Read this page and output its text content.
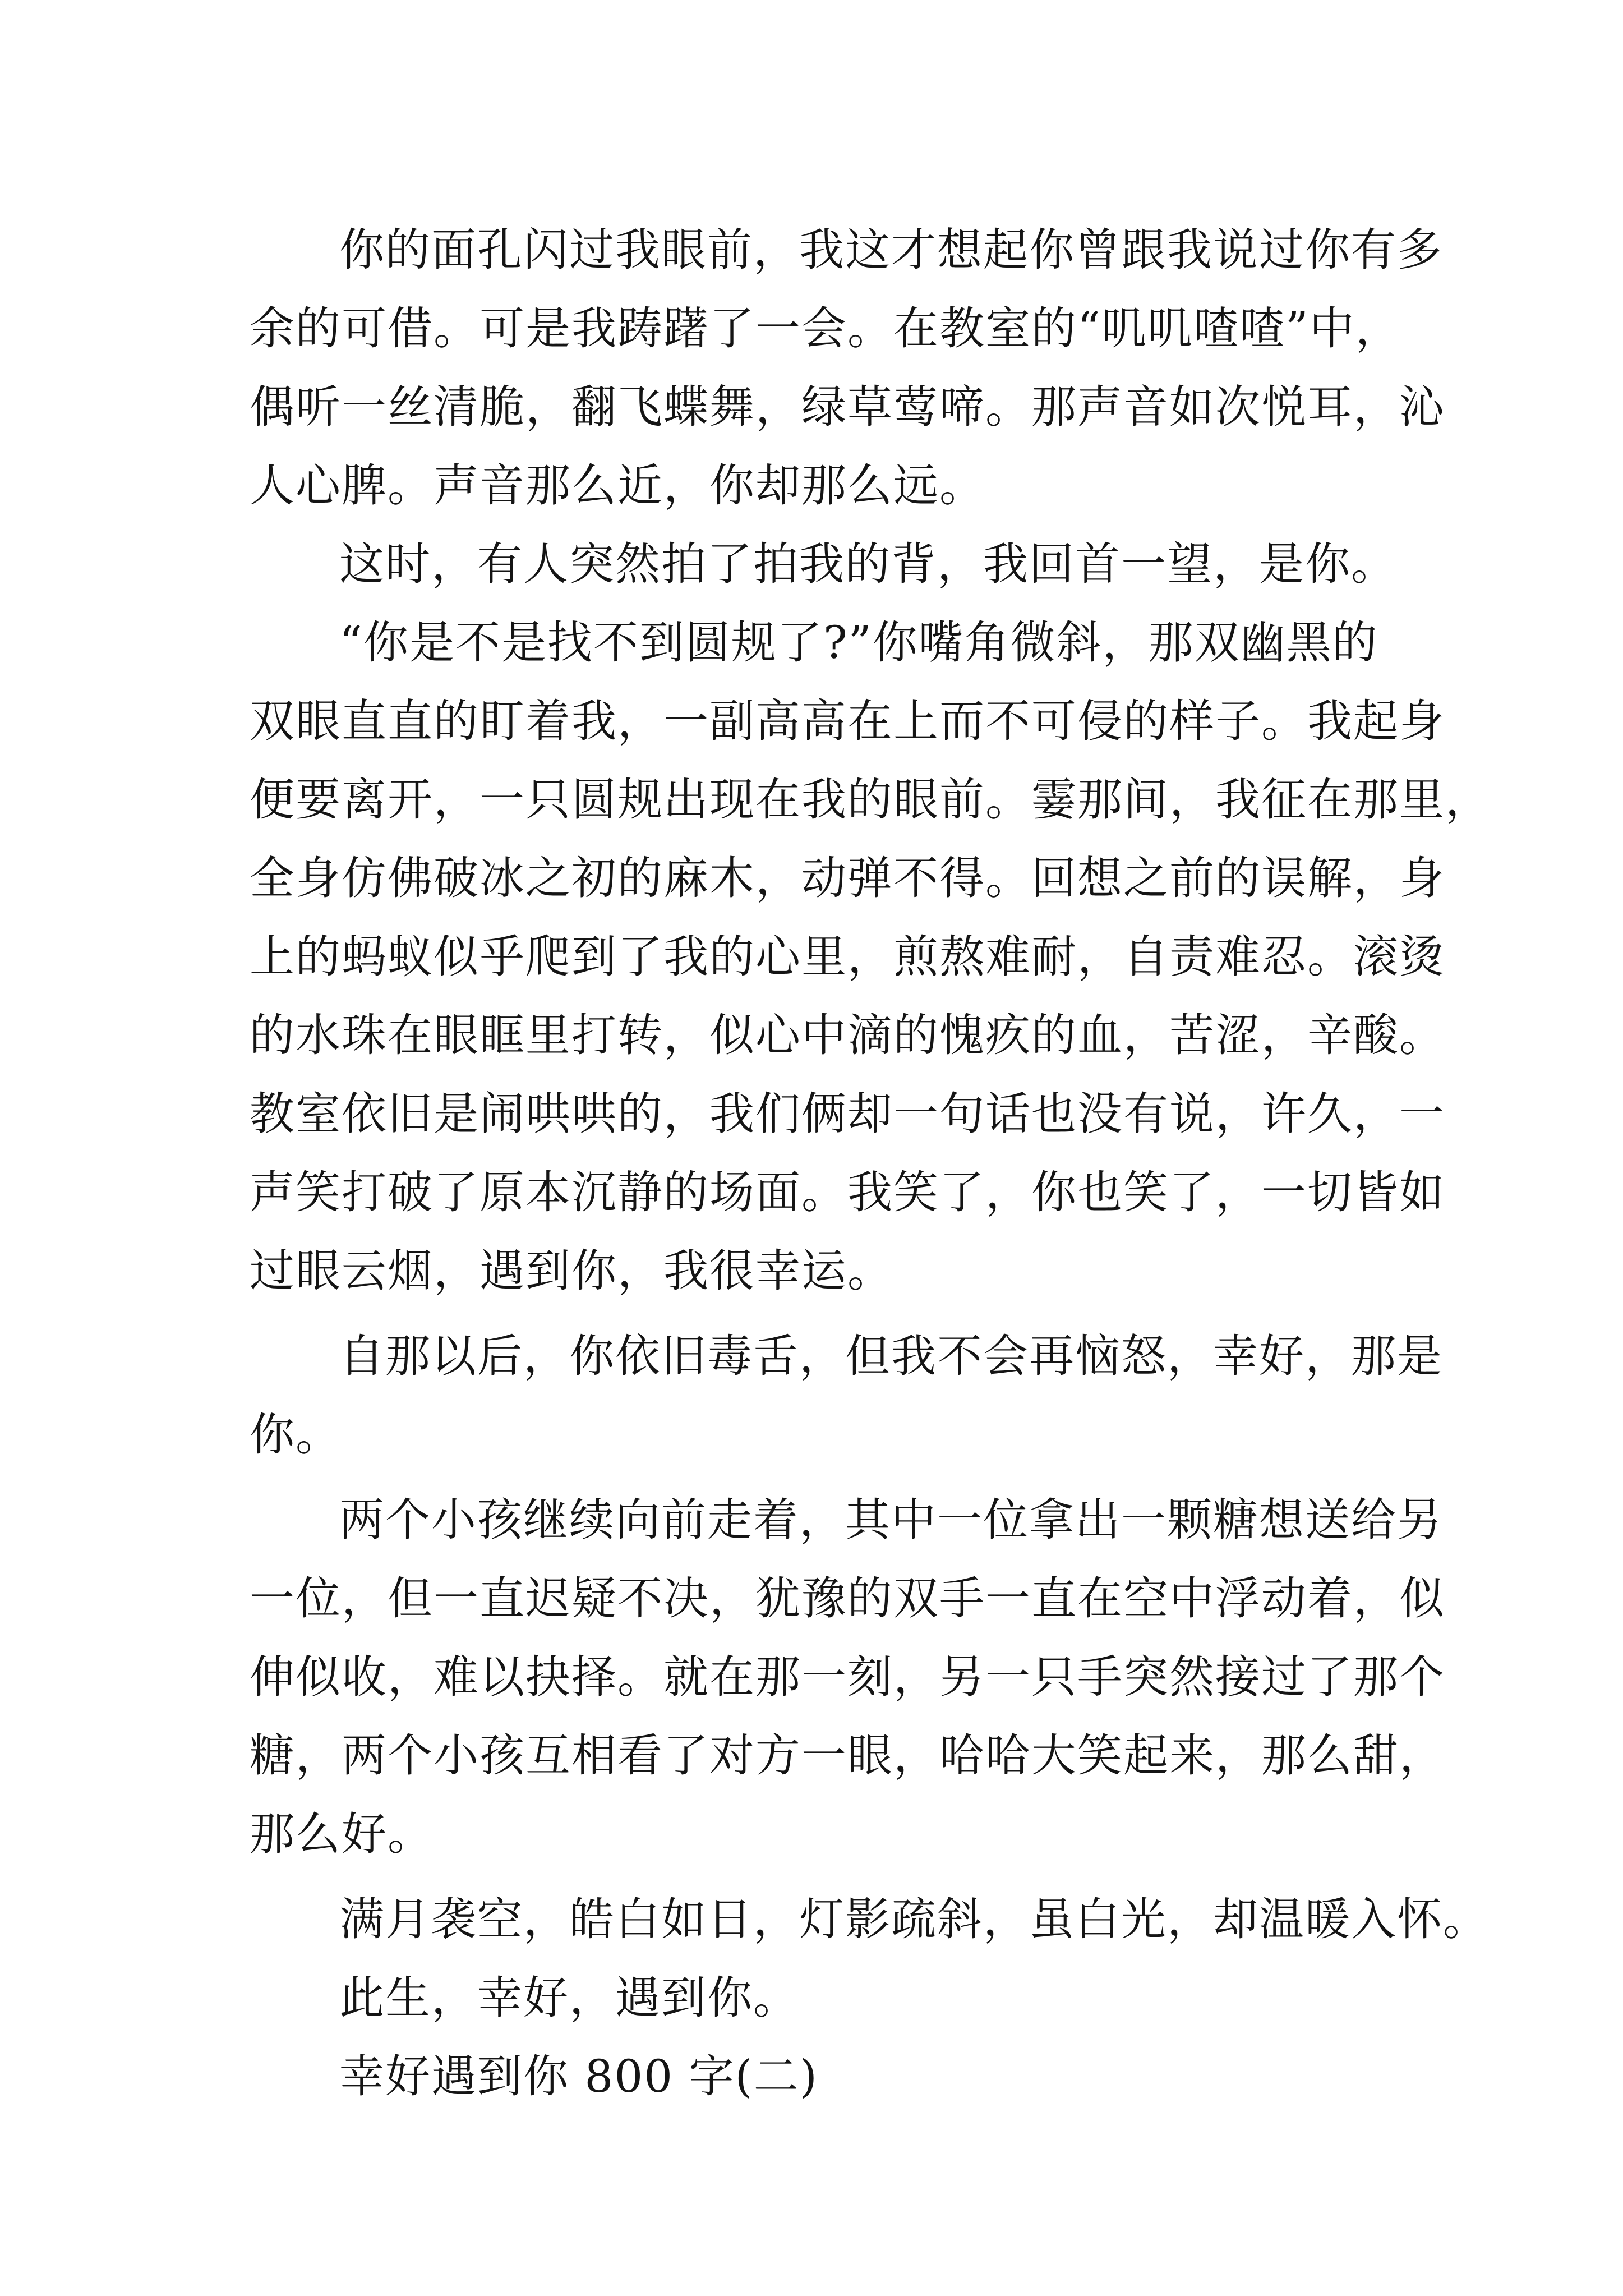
你的面孔闪过我眼前，我这才想起你曾跟我说过你有多
余的可借。可是我踌躇了一会。在教室的“叽叽喳喳”中，
偶听一丝清脆，翻飞蝶舞，绿草莺啼。那声音如次悦耳，沁
人心脾。声音那么近，你却那么远。
这时，有人突然拍了拍我的背，我回首一望，是你。
“你是不是找不到圆规了?”你嘴角微斜，那双幽黑的
双眼直直的盯着我，一副高高在上而不可侵的样子。我起身
便要离开，一只圆规出现在我的眼前。霎那间，我征在那里，
全身仿佛破冰之初的麻木，动弹不得。回想之前的误解，身
上的蚂蚁似乎爬到了我的心里，煎熬难耐，自责难忍。滚烫
的水珠在眼眶里打转，似心中滴的愧疚的血，苦涩，辛酸。
教室依旧是闹哄哄的，我们俩却一句话也没有说，许久，一
声笑打破了原本沉静的场面。我笑了，你也笑了，一切皆如
过眼云烟，遇到你，我很幸运。
自那以后，你依旧毒舌，但我不会再恼怒，幸好，那是
你。
两个小孩继续向前走着，其中一位拿出一颗糖想送给另
一位，但一直迟疑不决，犹豫的双手一直在空中浮动着，似
伸似收，难以抉择。就在那一刻，另一只手突然接过了那个
糖，两个小孩互相看了对方一眼，哈哈大笑起来，那么甜，
那么好。
满月袭空，皓白如日，灯影疏斜，虽白光，却温暖入怀。
此生，幸好，遇到你。
幸好遇到你 800 字(二)
